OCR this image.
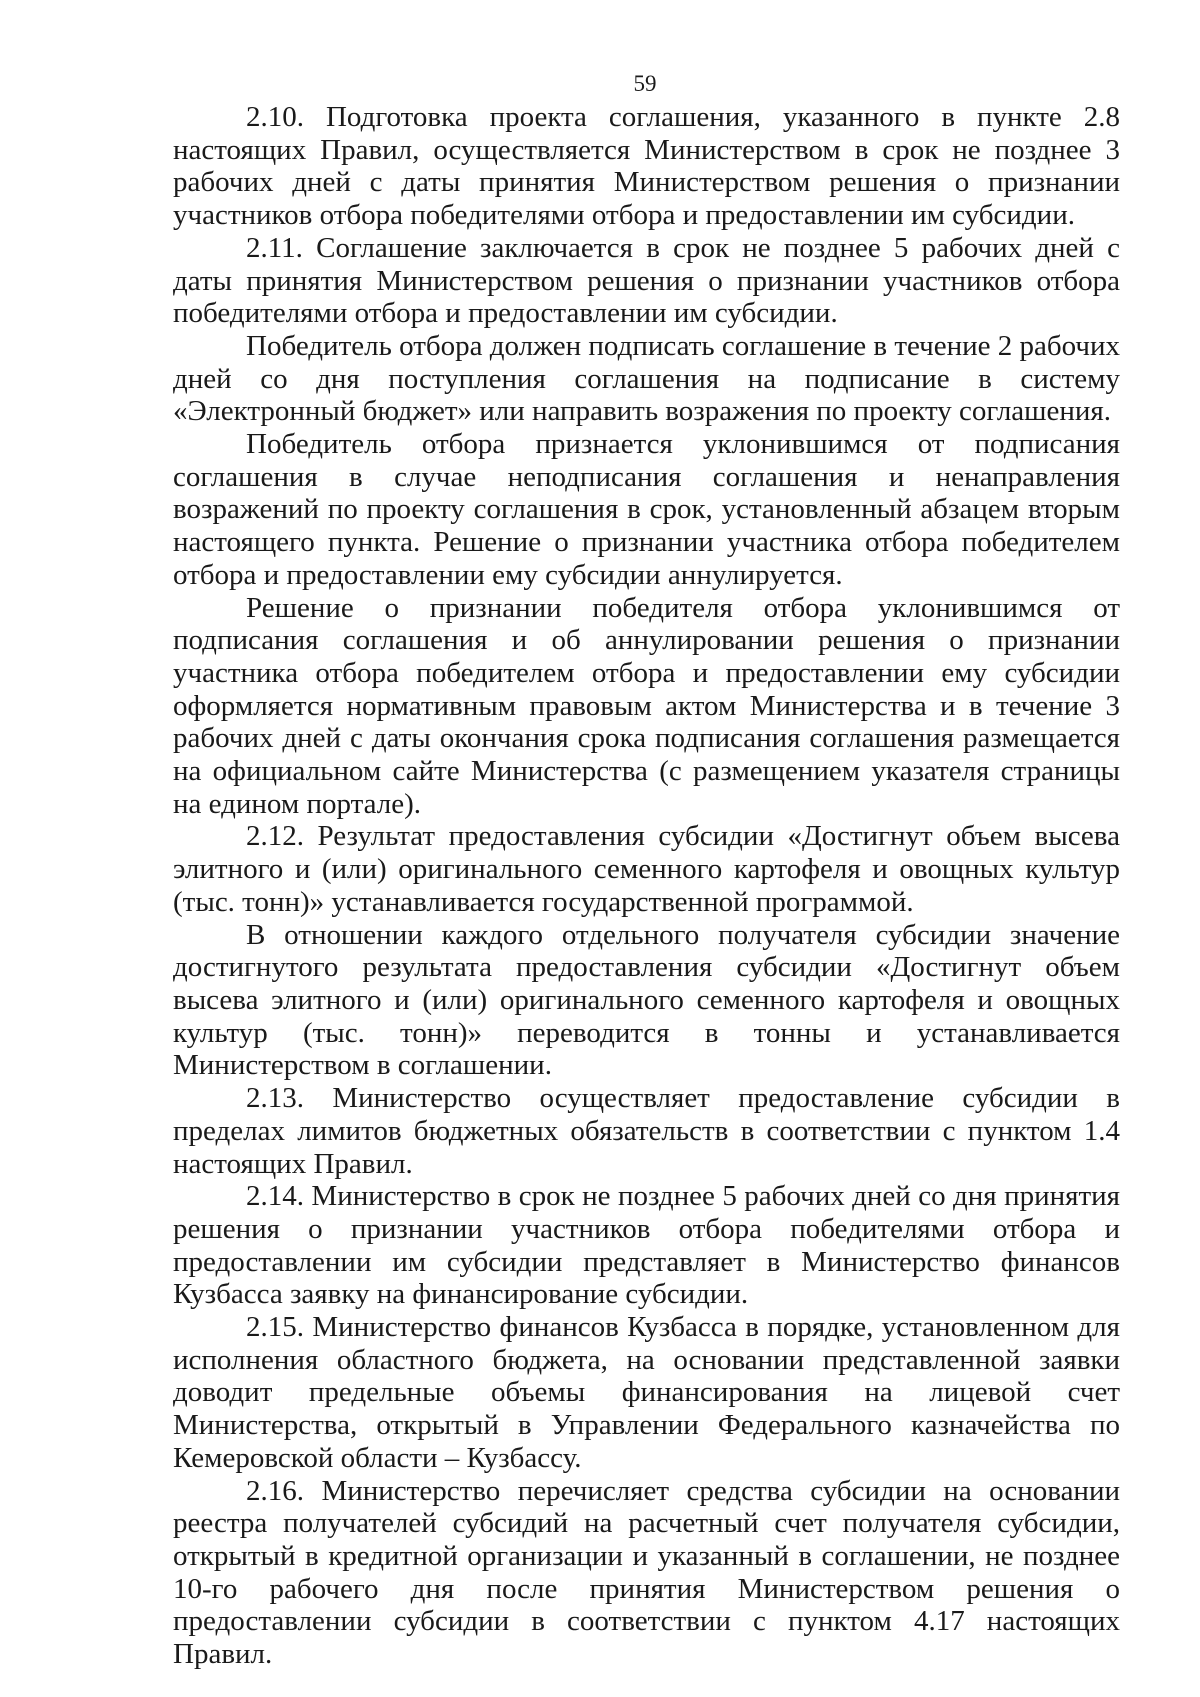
59

2.10. Подготовка проекта соглашения, указанного в пункте 2.8 настоящих Правил, осуществляется Министерством в срок не позднее 3 рабочих дней с даты принятия Министерством решения о признании участников отбора победителями отбора и предоставлении им субсидии.

2.11. Соглашение заключается в срок не позднее 5 рабочих дней с даты принятия Министерством решения о признании участников отбора победителями отбора и предоставлении им субсидии.

Победитель отбора должен подписать соглашение в течение 2 рабочих дней со дня поступления соглашения на подписание в систему «Электронный бюджет» или направить возражения по проекту соглашения.

Победитель отбора признается уклонившимся от подписания соглашения в случае неподписания соглашения и ненаправления возражений по проекту соглашения в срок, установленный абзацем вторым настоящего пункта. Решение о признании участника отбора победителем отбора и предоставлении ему субсидии аннулируется.

Решение о признании победителя отбора уклонившимся от подписания соглашения и об аннулировании решения о признании участника отбора победителем отбора и предоставлении ему субсидии оформляется нормативным правовым актом Министерства и в течение 3 рабочих дней с даты окончания срока подписания соглашения размещается на официальном сайте Министерства (с размещением указателя страницы на едином портале).

2.12. Результат предоставления субсидии «Достигнут объем высева элитного и (или) оригинального семенного картофеля и овощных культур (тыс. тонн)» устанавливается государственной программой.

В отношении каждого отдельного получателя субсидии значение достигнутого результата предоставления субсидии «Достигнут объем высева элитного и (или) оригинального семенного картофеля и овощных культур (тыс. тонн)» переводится в тонны и устанавливается Министерством в соглашении.

2.13. Министерство осуществляет предоставление субсидии в пределах лимитов бюджетных обязательств в соответствии с пунктом 1.4 настоящих Правил.

2.14. Министерство в срок не позднее 5 рабочих дней со дня принятия решения о признании участников отбора победителями отбора и предоставлении им субсидии представляет в Министерство финансов Кузбасса заявку на финансирование субсидии.

2.15. Министерство финансов Кузбасса в порядке, установленном для исполнения областного бюджета, на основании представленной заявки доводит предельные объемы финансирования на лицевой счет Министерства, открытый в Управлении Федерального казначейства по Кемеровской области – Кузбассу.

2.16. Министерство перечисляет средства субсидии на основании реестра получателей субсидий на расчетный счет получателя субсидии, открытый в кредитной организации и указанный в соглашении, не позднее 10-го рабочего дня после принятия Министерством решения о предоставлении субсидии в соответствии с пунктом 4.17 настоящих Правил.
